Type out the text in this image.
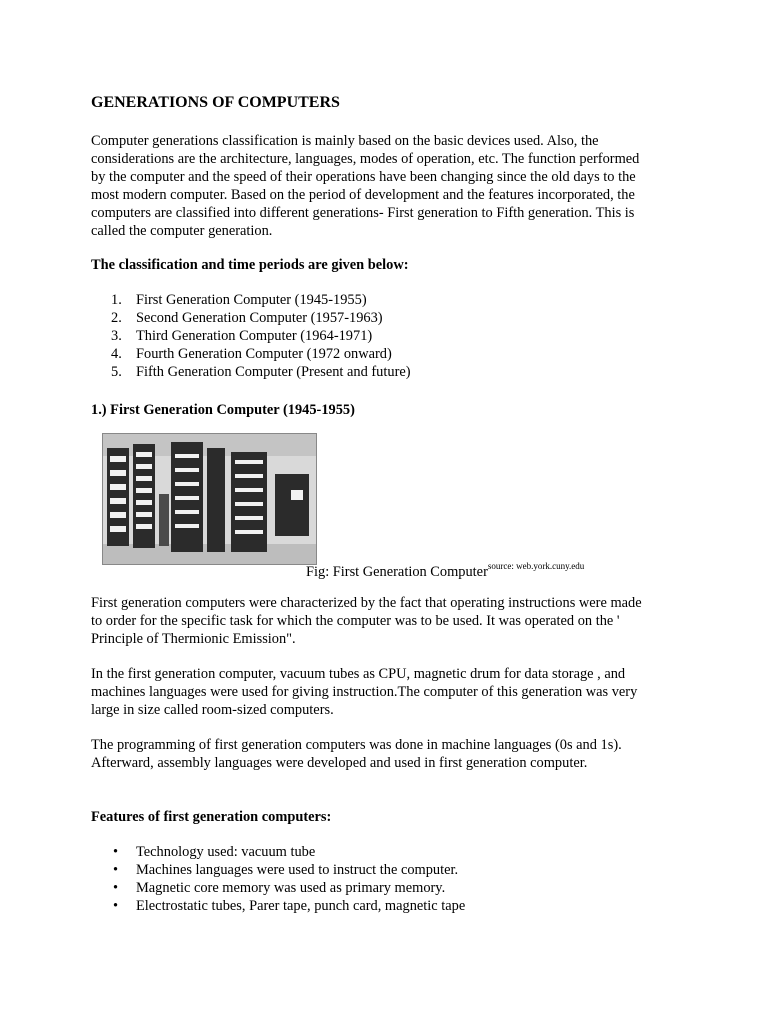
GENERATIONS OF COMPUTERS
Computer generations classification is mainly based on the basic devices used. Also, the
considerations are the architecture, languages, modes of operation, etc. The function performed
by the computer and the speed of their operations have been changing since the old days to the
most modern computer. Based on the period of development and the features incorporated, the
computers are classified into different generations- First generation to Fifth generation. This is
called the computer generation.
The classification and time periods are given below:
1. First Generation Computer (1945-1955)
2. Second Generation Computer (1957-1963)
3. Third Generation Computer (1964-1971)
4. Fourth Generation Computer (1972 onward)
5. Fifth Generation Computer (Present and future)
1.) First Generation Computer (1945-1955)
Fig: First Generation Computer$^{source: web.york.cuny.edu}$
First generation computers were characterized by the fact that operating instructions were made
to order for the specific task for which the computer was to be used. It was operated on the '
Principle of Thermionic Emission".
In the first generation computer, vacuum tubes as CPU, magnetic drum for data storage , and
machines languages were used for giving instruction.The computer of this generation was very
large in size called room-sized computers.
The programming of first generation computers was done in machine languages (0s and 1s).
Afterward, assembly languages were developed and used in first generation computer.
Features of first generation computers:
• Technology used: vacuum tube
• Machines languages were used to instruct the computer.
• Magnetic core memory was used as primary memory.
• Electrostatic tubes, Parer tape, punch card, magnetic tape
